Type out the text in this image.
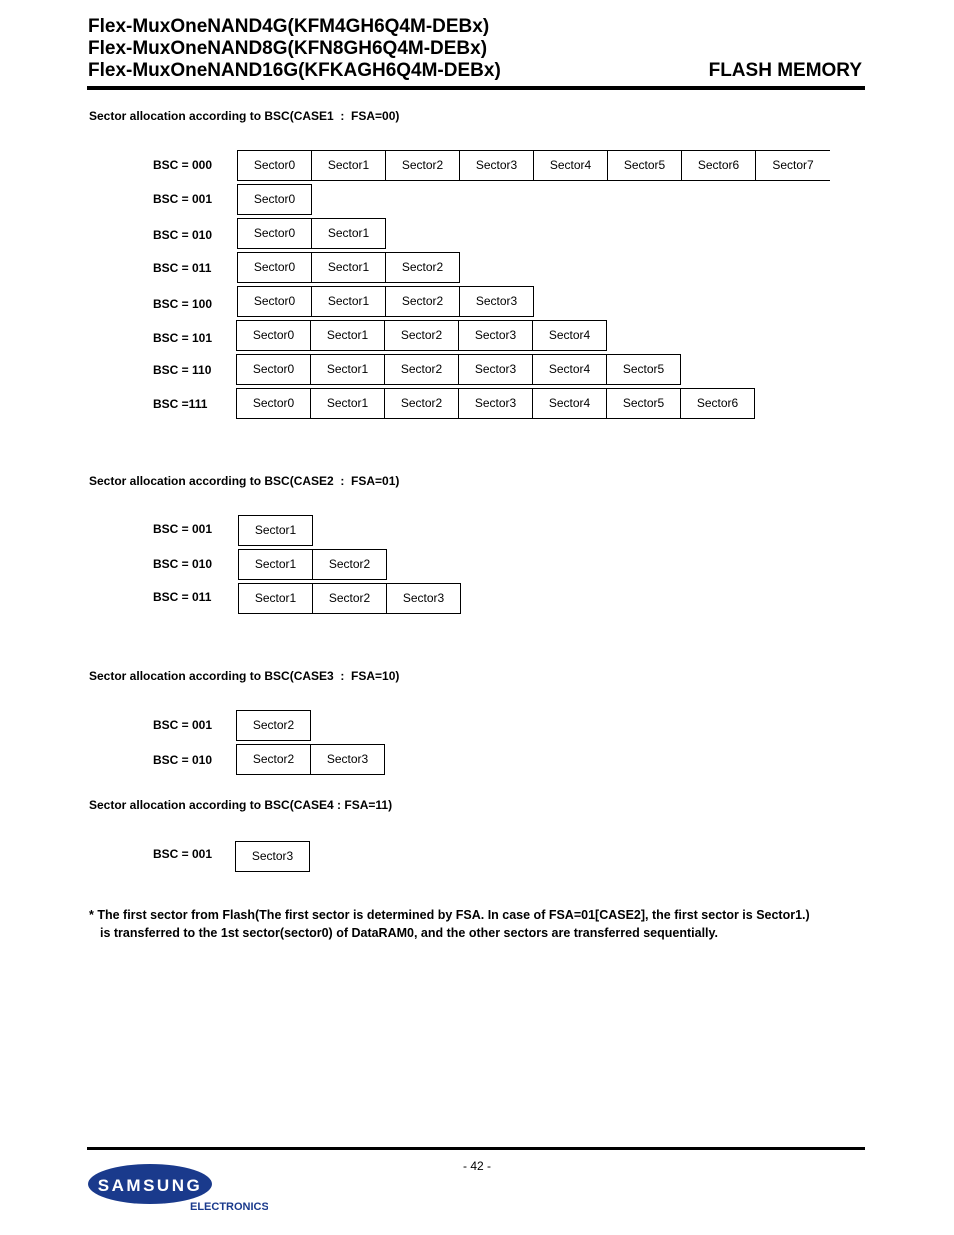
Flex-MuxOneNAND4G(KFM4GH6Q4M-DEBx)
Flex-MuxOneNAND8G(KFN8GH6Q4M-DEBx)
Flex-MuxOneNAND16G(KFKAGH6Q4M-DEBx)	FLASH MEMORY
Sector allocation according to BSC(CASE1  :  FSA=00)
Sector allocation according to BSC(CASE2  :  FSA=01)
Sector allocation according to BSC(CASE3  :  FSA=10)
Sector allocation according to BSC(CASE4 : FSA=11)
BSC = 000	Sector0	Sector1	Sector2	Sector3	Sector4	Sector5	Sector6	Sector7
BSC = 001	Sector0
BSC = 010	Sector0	Sector1
BSC = 011	Sector0	Sector1	Sector2
BSC = 100	Sector0	Sector1	Sector2	Sector3
BSC = 101	Sector0	Sector1	Sector2	Sector3	Sector4
BSC = 110	Sector0	Sector1	Sector2	Sector3	Sector4	Sector5
BSC =111	Sector0	Sector1	Sector2	Sector3	Sector4	Sector5	Sector6
BSC = 001	Sector1
BSC = 010	Sector1	Sector2
BSC = 011	Sector1	Sector2	Sector3
BSC = 001	Sector2
BSC = 010	Sector2	Sector3
BSC = 001	Sector3
* The first sector from Flash(The first sector is determined by FSA. In case of FSA=01[CASE2], the first sector is Sector1.)
is transferred to the 1st sector(sector0) of DataRAM0, and the other sectors are transferred sequentially.
- 42 -
SAMSUNG
ELECTRONICS
